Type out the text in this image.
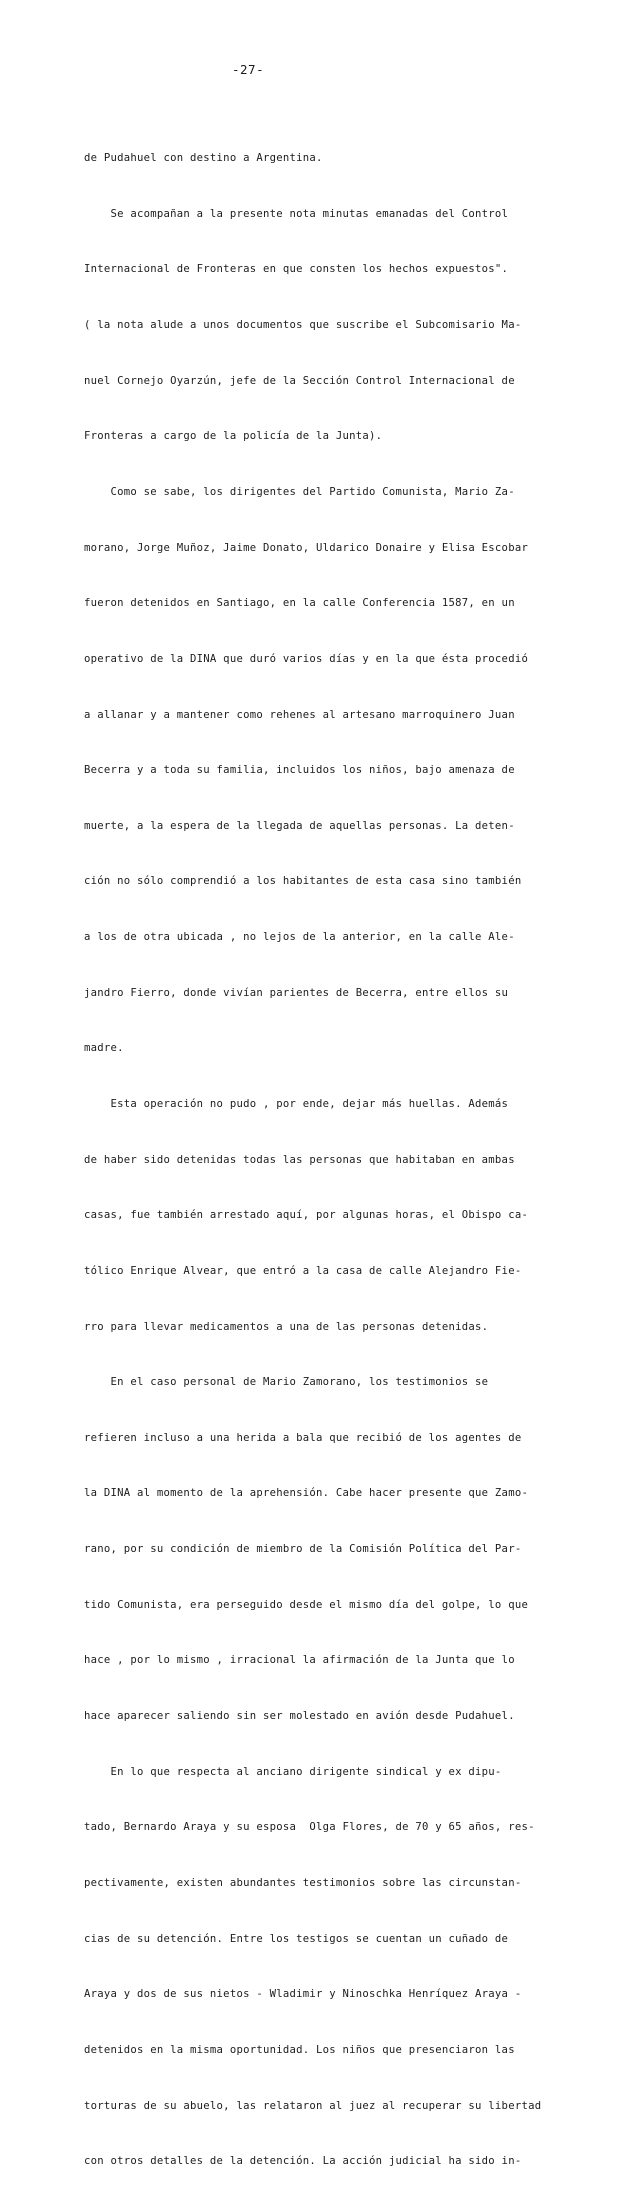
-27-

de Pudahuel con destino a Argentina.

Se acompañan a la presente nota minutas emanadas del Control

Internacional de Fronteras en que consten los hechos expuestos".

( la nota alude a unos documentos que suscribe el Subcomisario Ma-

nuel Cornejo Oyarzún, jefe de la Sección Control Internacional de

Fronteras a cargo de la policía de la Junta).

Como se sabe, los dirigentes del Partido Comunista, Mario Za-

morano, Jorge Muñoz, Jaime Donato, Uldarico Donaire y Elisa Escobar

fueron detenidos en Santiago, en la calle Conferencia 1587, en un

operativo de la DINA que duró varios días y en la que ésta procedió

a allanar y a mantener como rehenes al artesano marroquinero Juan

Becerra y a toda su familia, incluidos los niños, bajo amenaza de

muerte, a la espera de la llegada de aquellas personas. La deten-

ción no sólo comprendió a los habitantes de esta casa sino también

a los de otra ubicada , no lejos de la anterior, en la calle Ale-

jandro Fierro, donde vivían parientes de Becerra, entre ellos su

madre.

Esta operación no pudo , por ende, dejar más huellas. Además

de haber sido detenidas todas las personas que habitaban en ambas

casas, fue también arrestado aquí, por algunas horas, el Obispo ca-

tólico Enrique Alvear, que entró a la casa de calle Alejandro Fie-

rro para llevar medicamentos a una de las personas detenidas.

En el caso personal de Mario Zamorano, los testimonios se

refieren incluso a una herida a bala que recibió de los agentes de

la DINA al momento de la aprehensión. Cabe hacer presente que Zamo-

rano, por su condición de miembro de la Comisión Política del Par-

tido Comunista, era perseguido desde el mismo día del golpe, lo que

hace , por lo mismo , irracional la afirmación de la Junta que lo

hace aparecer saliendo sin ser molestado en avión desde Pudahuel.

En lo que respecta al anciano dirigente sindical y ex dipu-

tado, Bernardo Araya y su esposa  Olga Flores, de 70 y 65 años, res-

pectivamente, existen abundantes testimonios sobre las circunstan-

cias de su detención. Entre los testigos se cuentan un cuñado de

Araya y dos de sus nietos - Wladimir y Ninoschka Henríquez Araya -

detenidos en la misma oportunidad. Los niños que presenciaron las

torturas de su abuelo, las relataron al juez al recuperar su libertad

con otros detalles de la detención. La acción judicial ha sido in-
